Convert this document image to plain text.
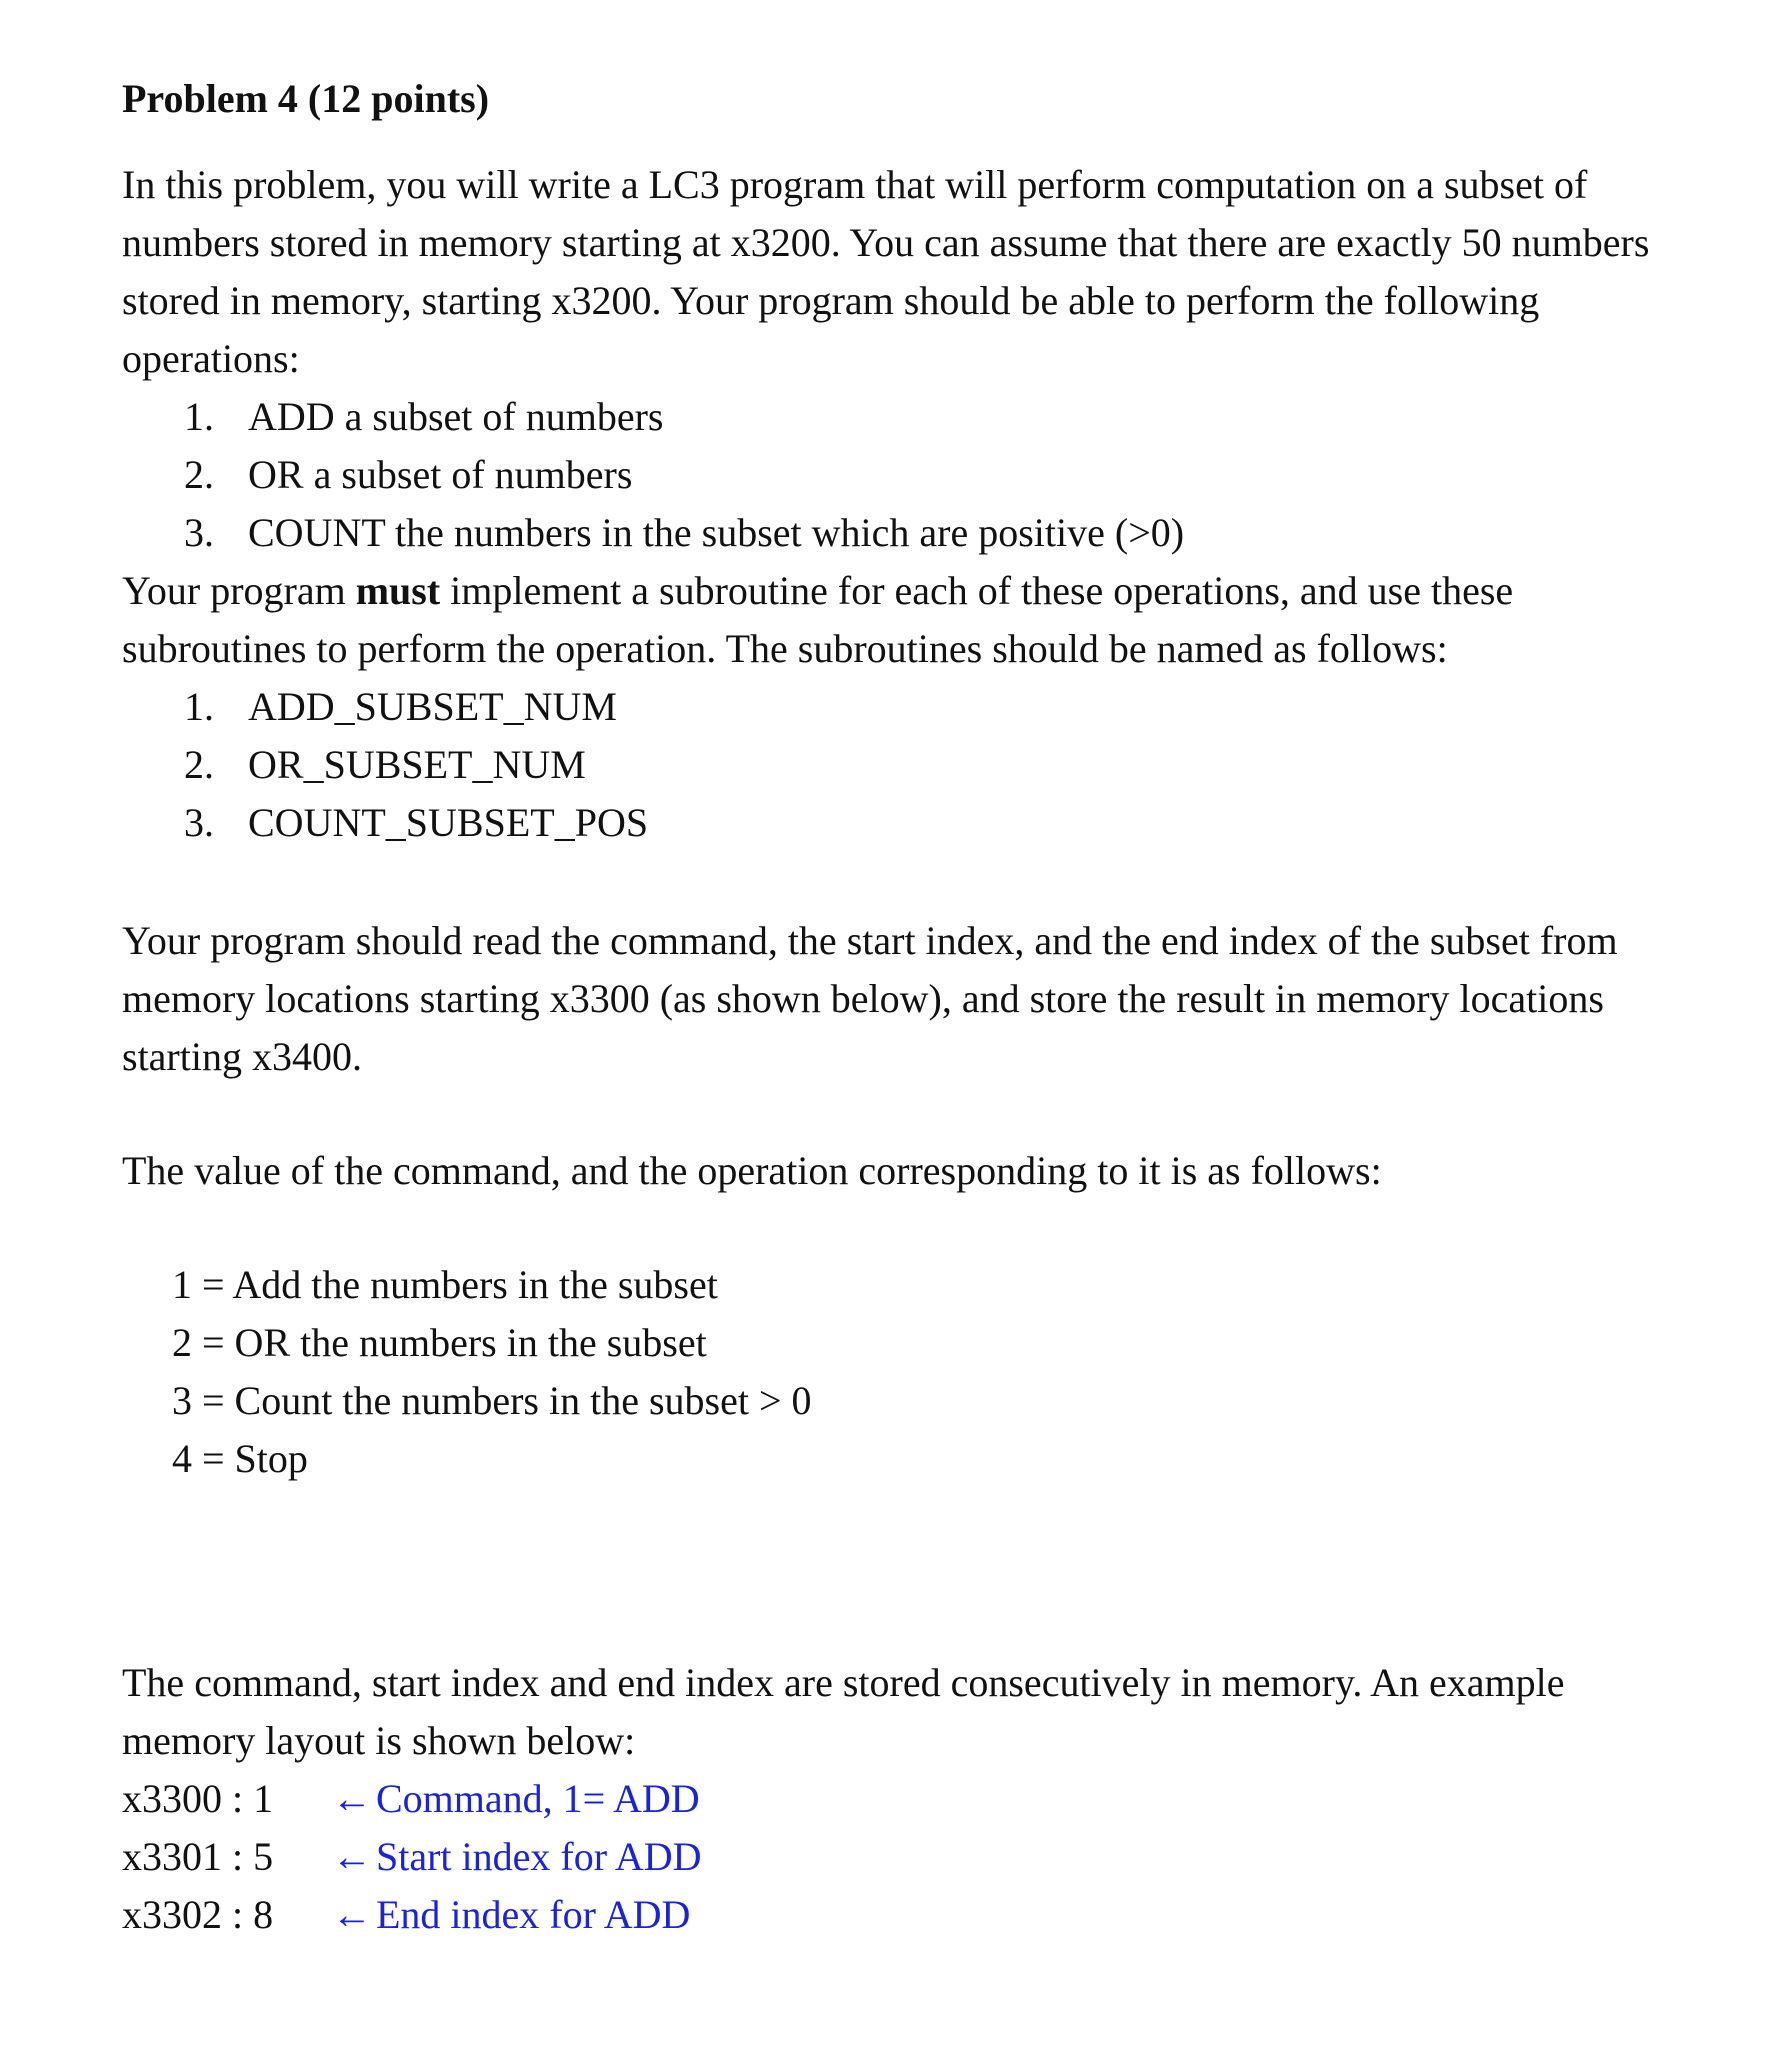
Problem 4 (12 points)

In this problem, you will write a LC3 program that will perform computation on a subset of numbers stored in memory starting at x3200. You can assume that there are exactly 50 numbers stored in memory, starting x3200. Your program should be able to perform the following operations:

1. ADD a subset of numbers
2. OR a subset of numbers
3. COUNT the numbers in the subset which are positive (>0)

Your program must implement a subroutine for each of these operations, and use these subroutines to perform the operation. The subroutines should be named as follows:

1. ADD_SUBSET_NUM
2. OR_SUBSET_NUM
3. COUNT_SUBSET_POS

Your program should read the command, the start index, and the end index of the subset from memory locations starting x3300 (as shown below), and store the result in memory locations starting x3400.

The value of the command, and the operation corresponding to it is as follows:

1 = Add the numbers in the subset
2 = OR the numbers in the subset
3 = Count the numbers in the subset > 0
4 = Stop

The command, start index and end index are stored consecutively in memory. An example memory layout is shown below:

x3300 : 1	← Command, 1= ADD
x3301 : 5	← Start index for ADD
x3302 : 8	← End index for ADD
